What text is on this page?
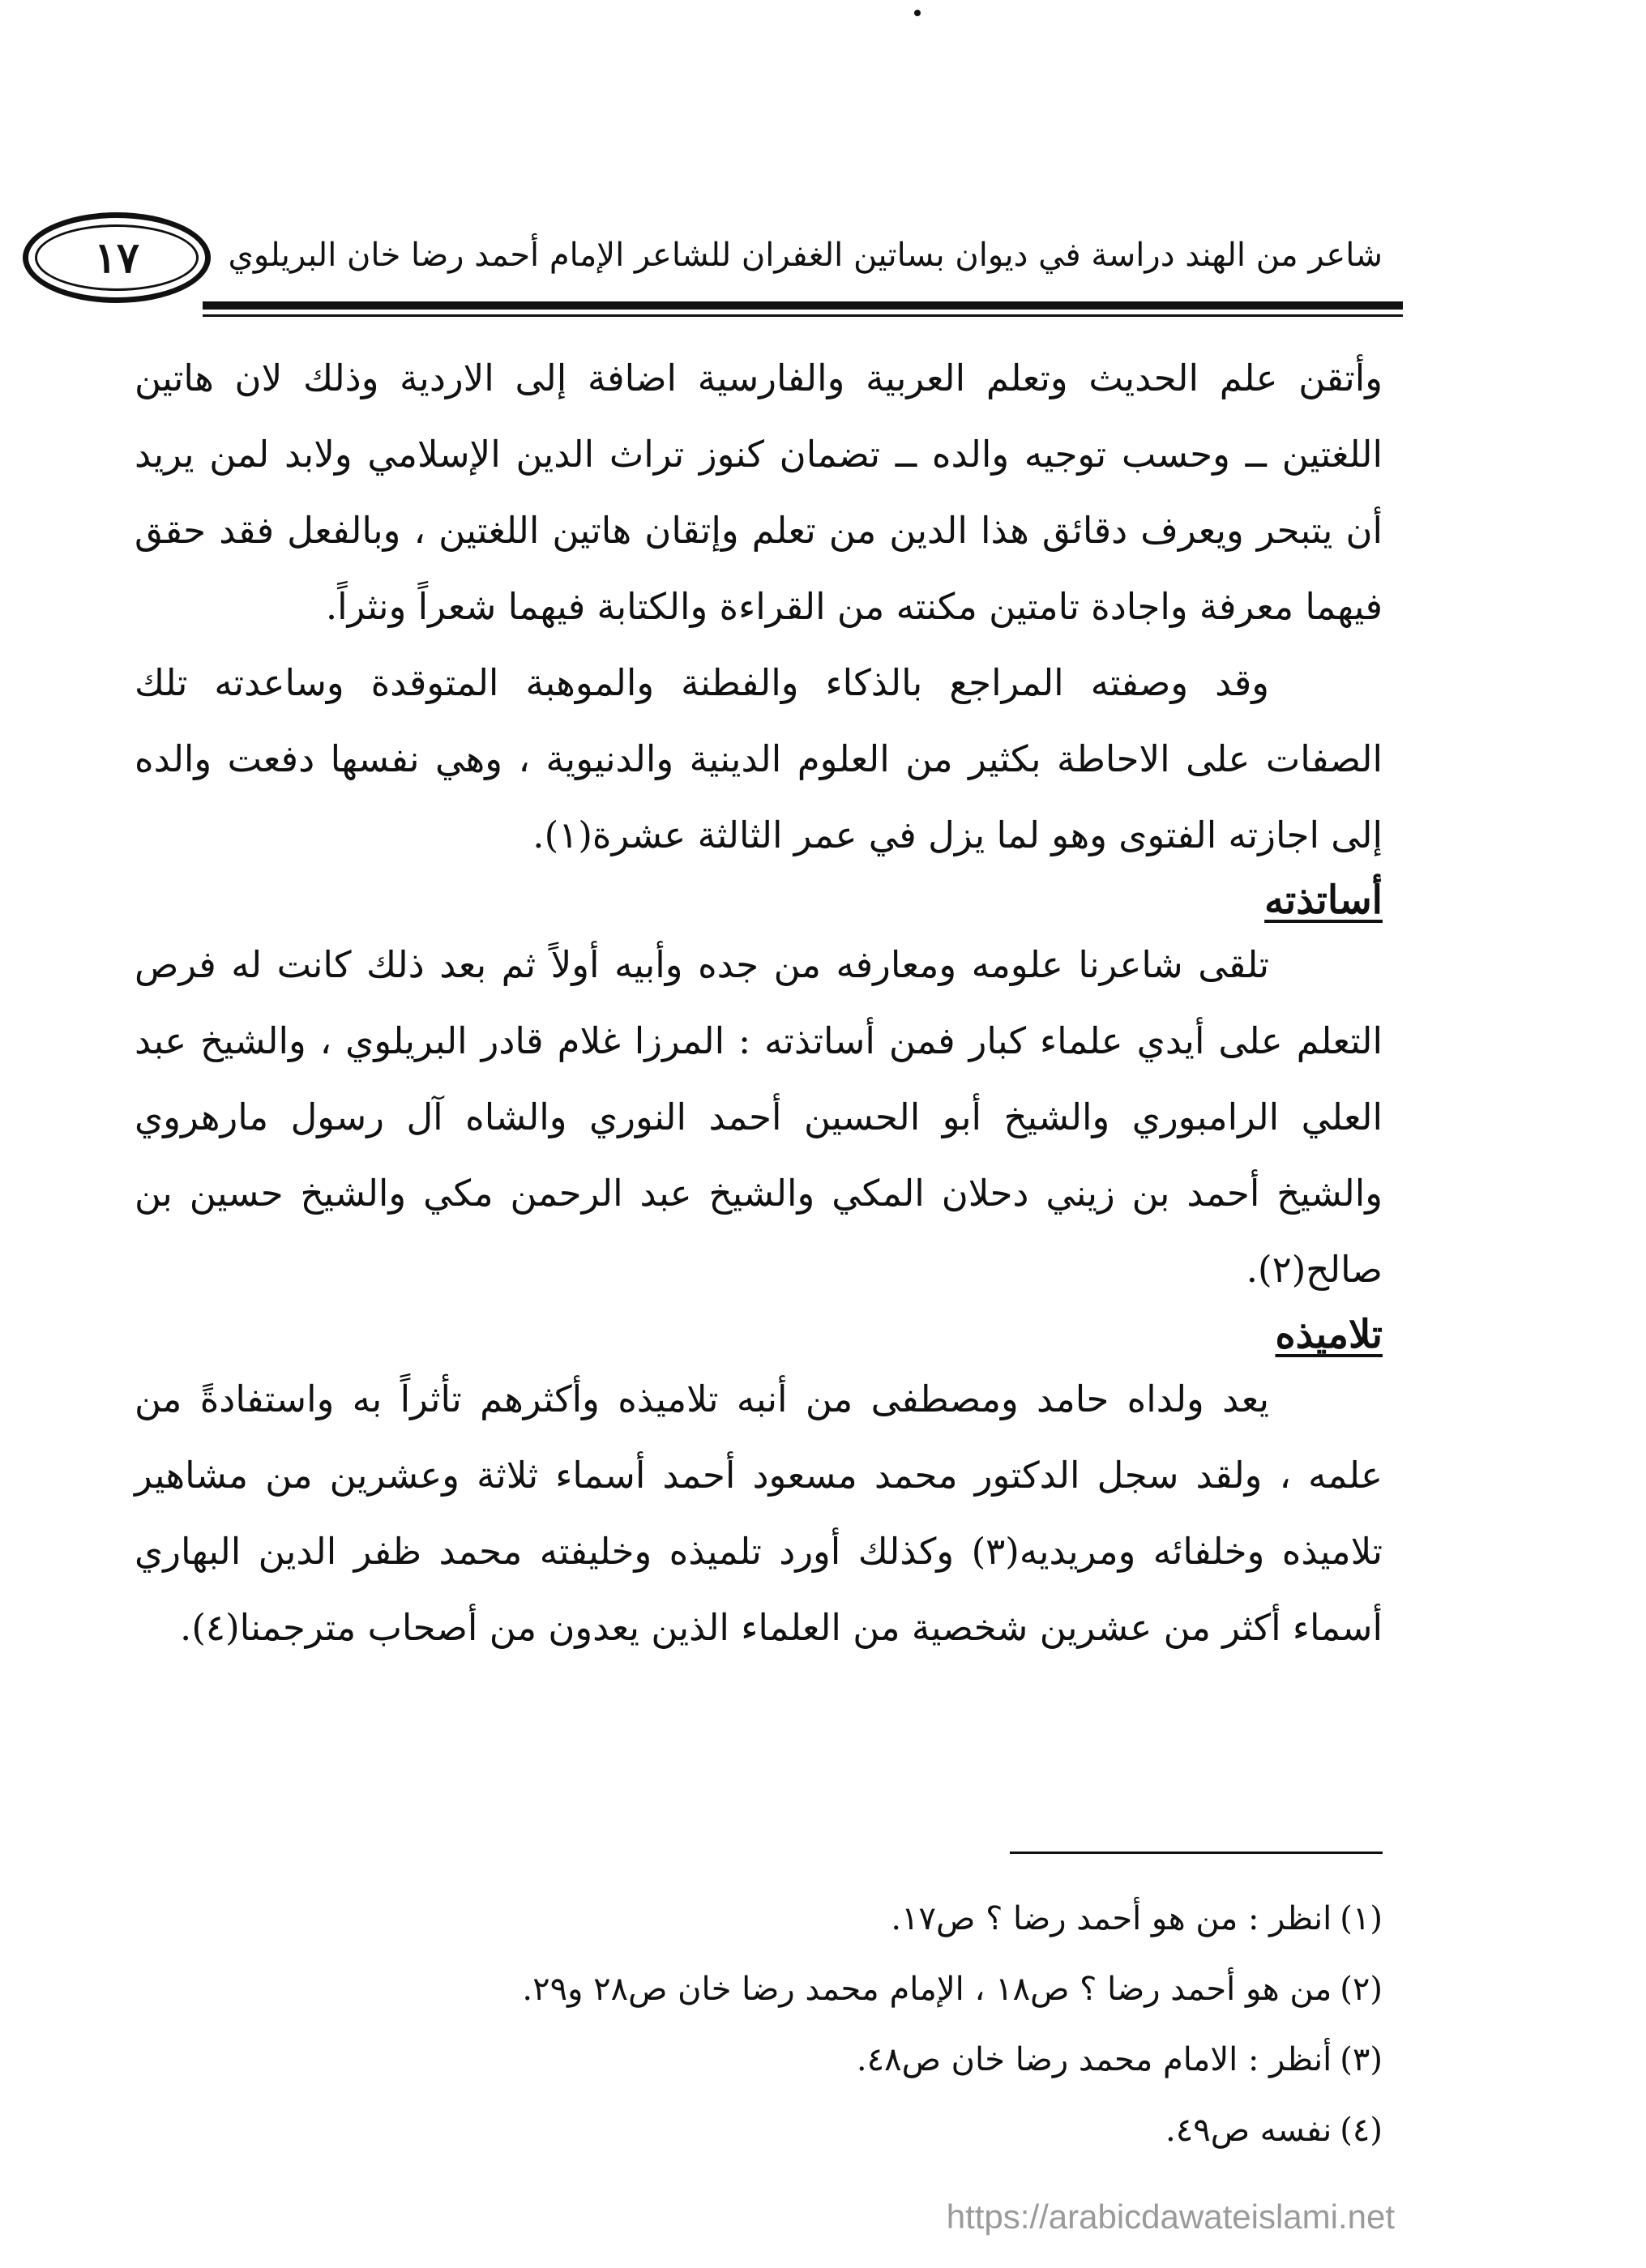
شاعر من الهند دراسة في ديوان بساتين الغفران للشاعر الإمام أحمد رضا خان البريلوي
١٧

وأتقن علم الحديث وتعلم العربية والفارسية اضافة إلى الاردية وذلك لان هاتين اللغتين ــ وحسب توجيه والده ــ تضمان كنوز تراث الدين الإسلامي ولابد لمن يريد أن يتبحر ويعرف دقائق هذا الدين من تعلم وإتقان هاتين اللغتين ، وبالفعل فقد حقق فيهما معرفة واجادة تامتين مكنته من القراءة والكتابة فيهما شعراً ونثراً.

وقد وصفته المراجع بالذكاء والفطنة والموهبة المتوقدة وساعدته تلك الصفات على الاحاطة بكثير من العلوم الدينية والدنيوية ، وهي نفسها دفعت والده إلى اجازته الفتوى وهو لما يزل في عمر الثالثة عشرة(١).

أساتذته

تلقى شاعرنا علومه ومعارفه من جده وأبيه أولاً ثم بعد ذلك كانت له فرص التعلم على أيدي علماء كبار فمن أساتذته : المرزا غلام قادر البريلوي ، والشيخ عبد العلي الرامبوري والشيخ أبو الحسين أحمد النوري والشاه آل رسول مارهروي والشيخ أحمد بن زيني دحلان المكي والشيخ عبد الرحمن مكي والشيخ حسين بن صالح(٢).

تلاميذه

يعد ولداه حامد ومصطفى من أنبه تلاميذه وأكثرهم تأثراً به واستفادةً من علمه ، ولقد سجل الدكتور محمد مسعود أحمد أسماء ثلاثة وعشرين من مشاهير تلاميذه وخلفائه ومريديه(٣) وكذلك أورد تلميذه وخليفته محمد ظفر الدين البهاري أسماء أكثر من عشرين شخصية من العلماء الذين يعدون من أصحاب مترجمنا(٤).

(١)انظر : من هو أحمد رضا ؟ ص١٧.
(٢)من هو أحمد رضا ؟ ص١٨ ، الإمام محمد رضا خان ص٢٨ و٢٩.
(٣)أنظر : الامام محمد رضا خان ص٤٨.
(٤)نفسه ص٤٩.
https://arabicdawateislami.net
